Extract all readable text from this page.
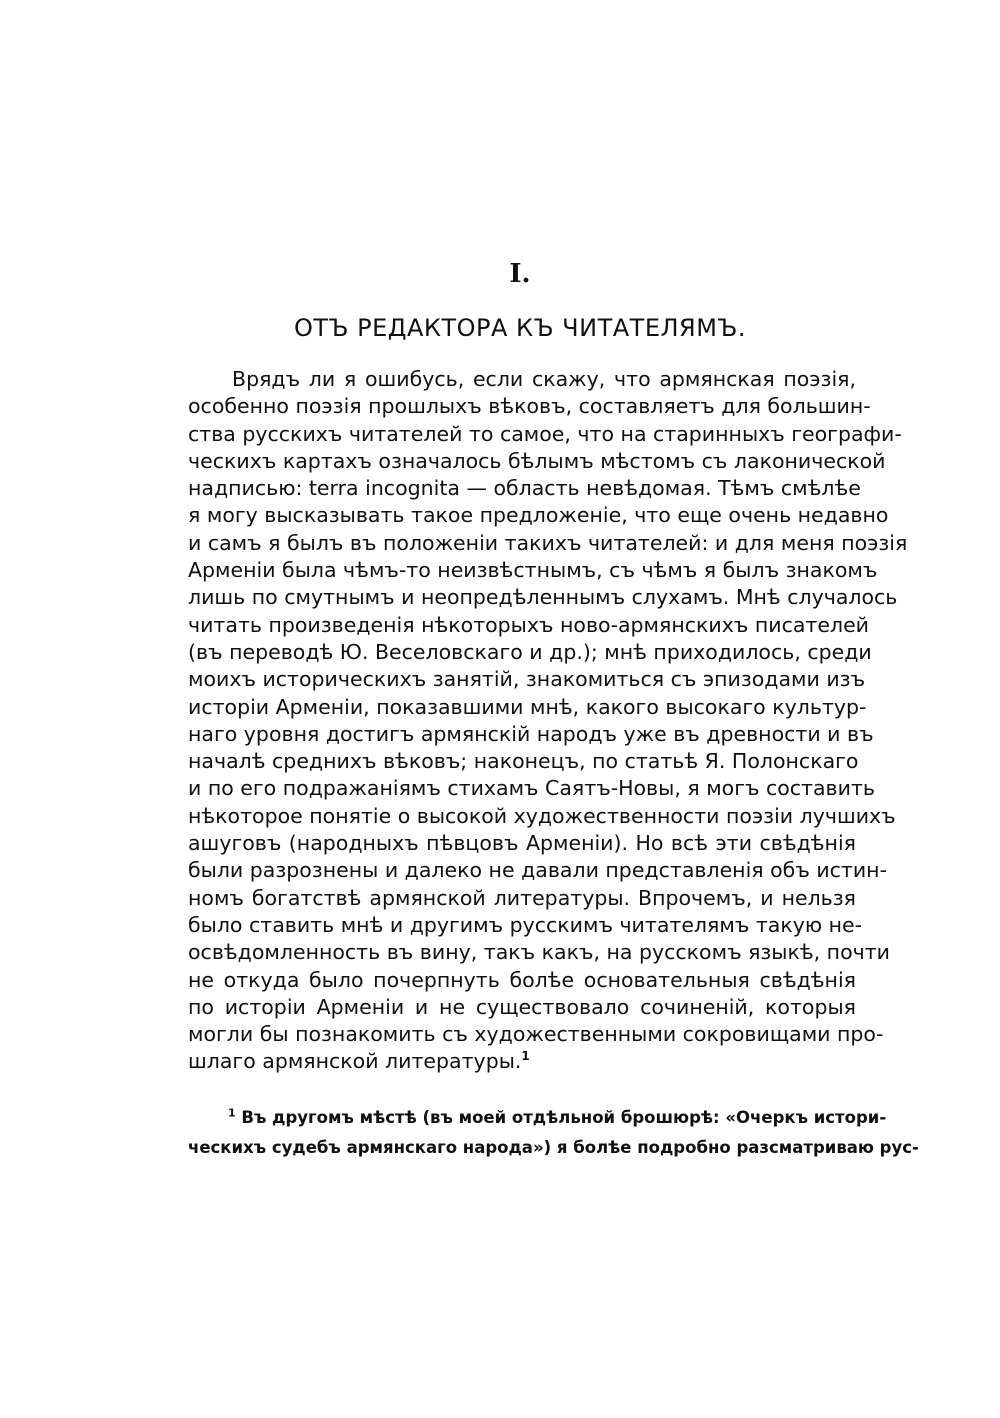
I.
ОТЪ РЕДАКТОРА КЪ ЧИТАТЕЛЯМЪ.
Врядъ ли я ошибусь, если скажу, что армянская поэзія,
особенно поэзія прошлыхъ вѣковъ, составляетъ для большин-
ства русскихъ читателей то самое, что на старинныхъ географи-
ческихъ картахъ означалось бѣлымъ мѣстомъ съ лаконической
надписью: terra incognita — область невѣдомая. Тѣмъ смѣлѣе
я могу высказывать такое предложеніе, что еще очень недавно
и самъ я былъ въ положеніи такихъ читателей: и для меня поэзія
Арменіи была чѣмъ-то неизвѣстнымъ, съ чѣмъ я былъ знакомъ
лишь по смутнымъ и неопредѣленнымъ слухамъ. Мнѣ случалось
читать произведенія нѣкоторыхъ ново-армянскихъ писателей
(въ переводѣ Ю. Веселовскаго и др.); мнѣ приходилось, среди
моихъ историческихъ занятій, знакомиться съ эпизодами изъ
исторіи Арменіи, показавшими мнѣ, какого высокаго культур-
наго уровня достигъ армянскій народъ уже въ древности и въ
началѣ среднихъ вѣковъ; наконецъ, по статьѣ Я. Полонскаго
и по его подражаніямъ стихамъ Саятъ-Новы, я могъ составить
нѣкоторое понятіе о высокой художественности поэзіи лучшихъ
ашуговъ (народныхъ пѣвцовъ Арменіи). Но всѣ эти свѣдѣнія
были разрознены и далеко не давали представленія объ истин-
номъ богатствѣ армянской литературы. Впрочемъ, и нельзя
было ставить мнѣ и другимъ русскимъ читателямъ такую не-
освѣдомленность въ вину, такъ какъ, на русскомъ языкѣ, почти
не откуда было почерпнуть болѣе основательныя свѣдѣнія
по исторіи Арменіи и не существовало сочиненій, которыя
могли бы познакомить съ художественными сокровищами про-
шлаго армянской литературы.$^1$
$^1$ Въ другомъ мѣстѣ (въ моей отдѣльной брошюрѣ: «Очеркъ истори-
ческихъ судебъ армянскаго народа») я болѣе подробно разсматриваю рус-
